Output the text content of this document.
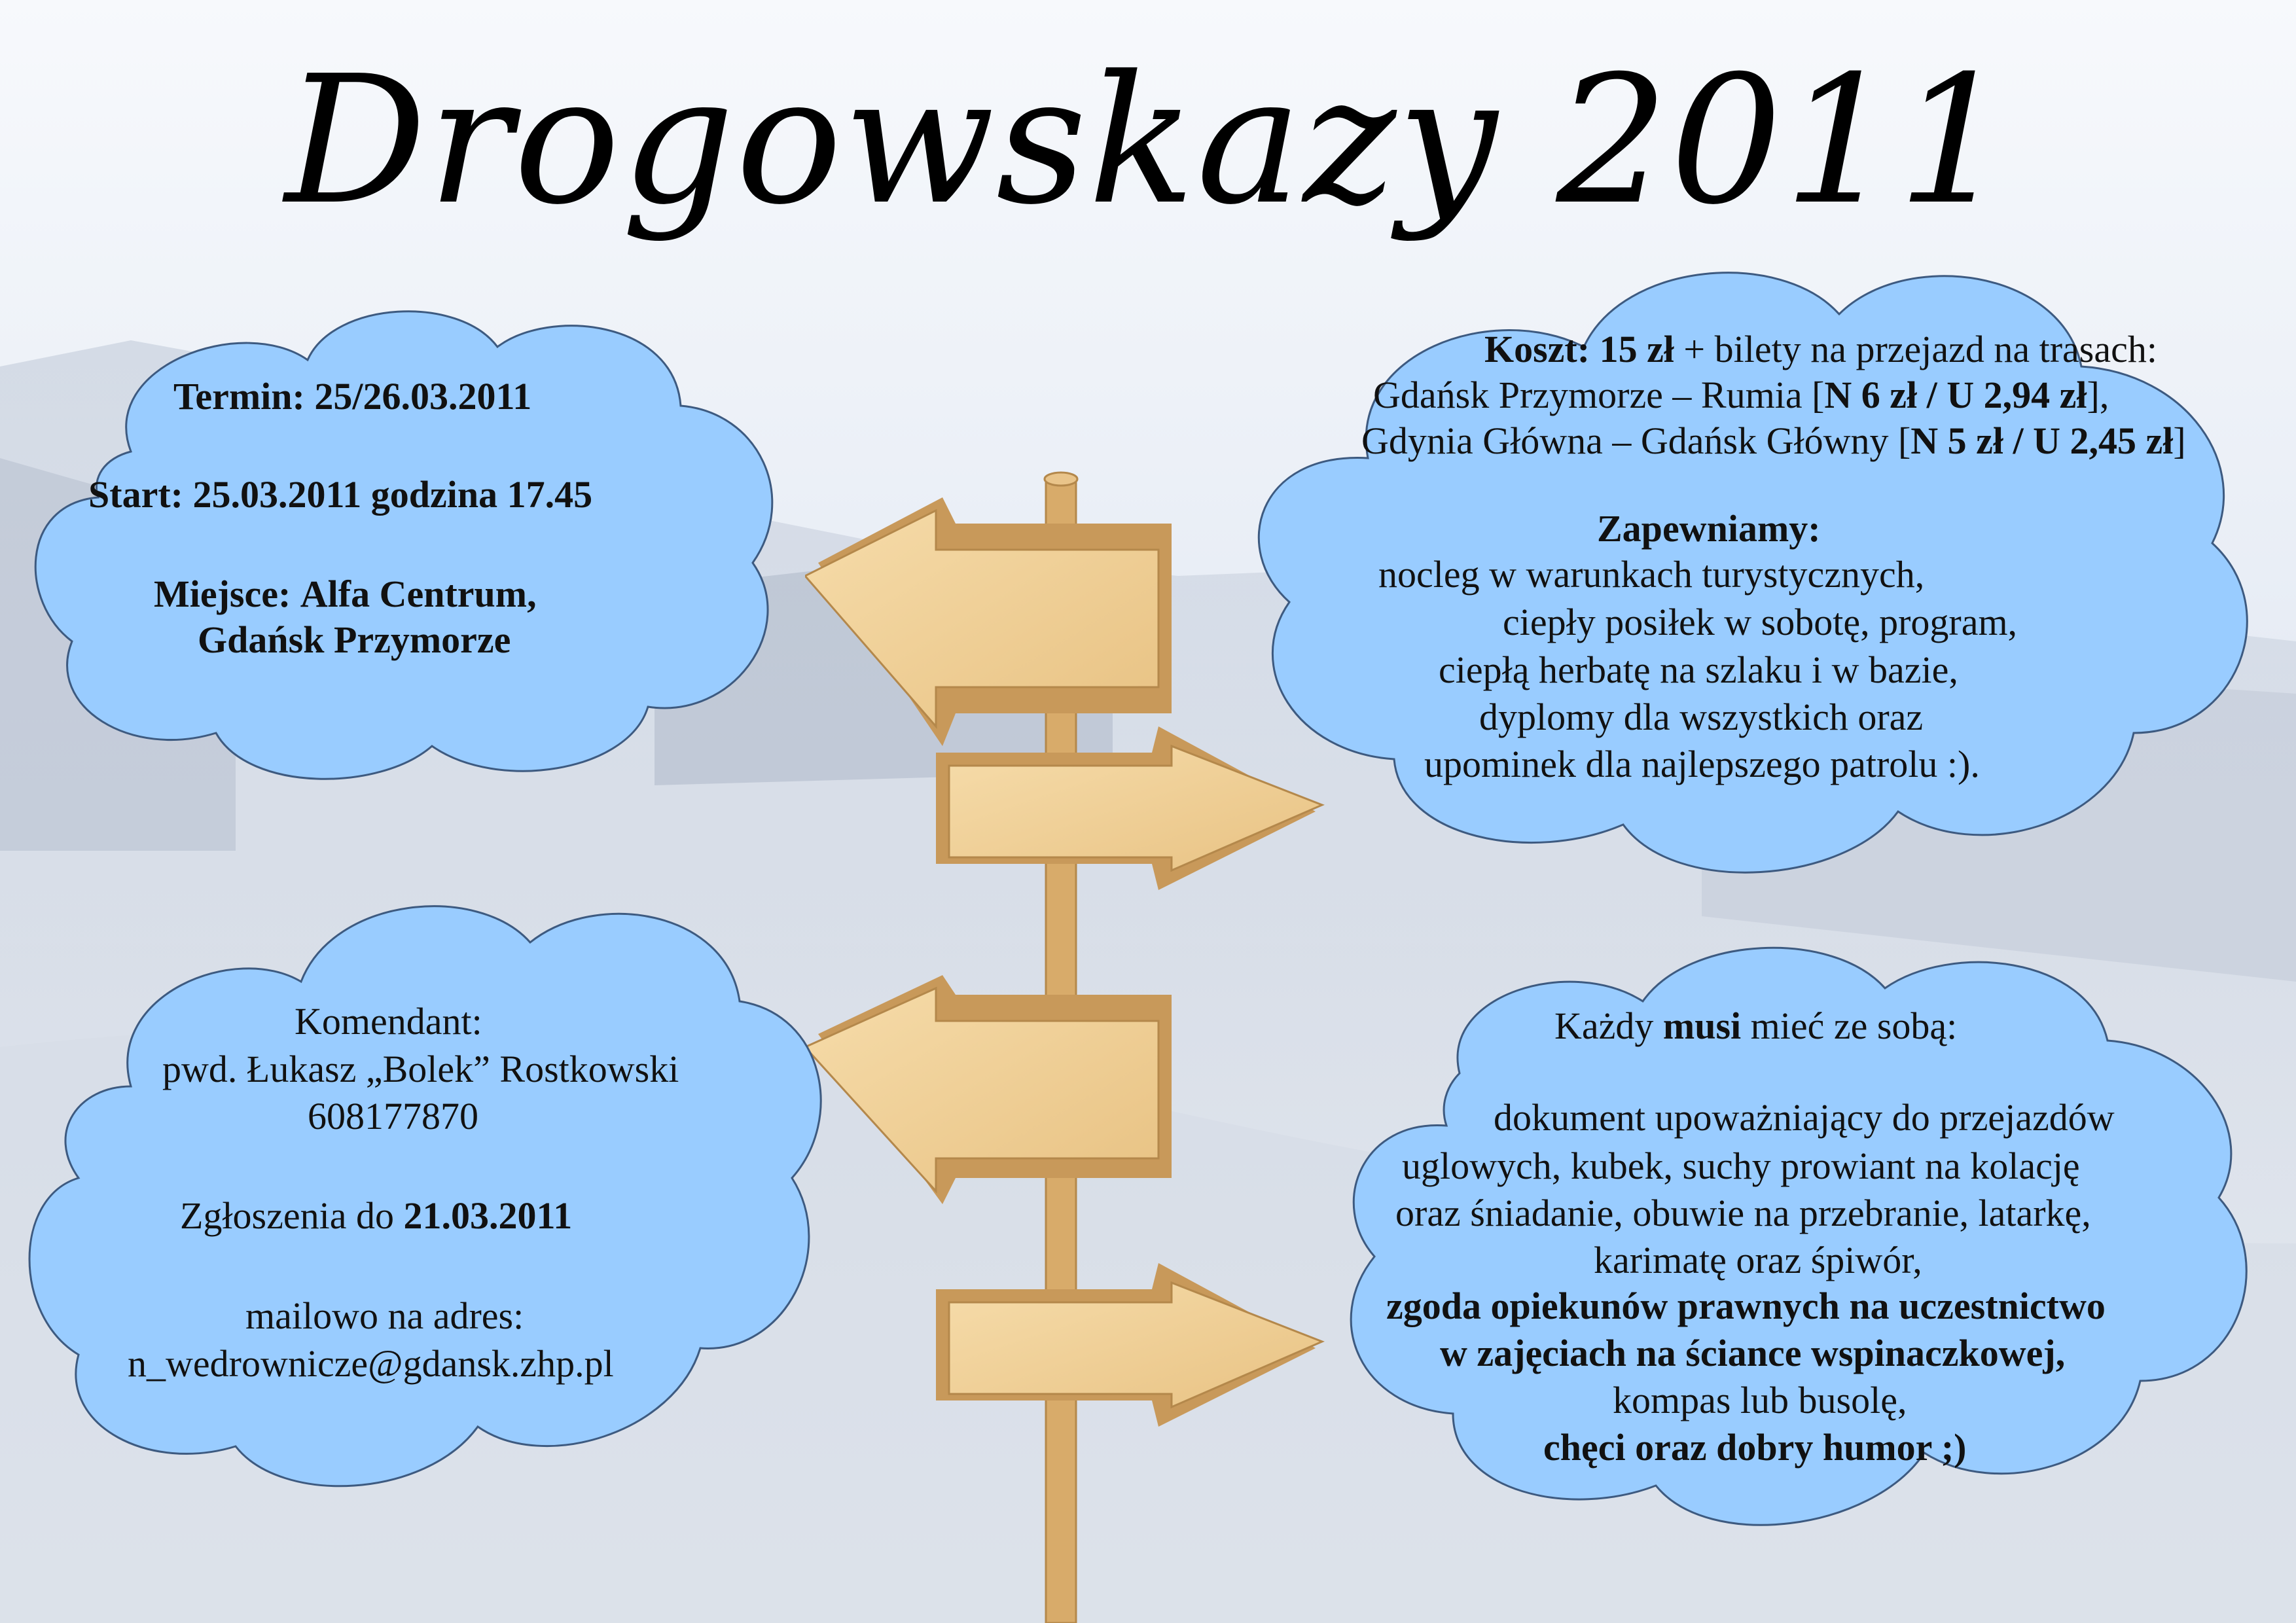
Drogowskazy 2011
Termin: 25/26.03.2011
Start: 25.03.2011 godzina 17.45
Miejsce: Alfa Centrum,
Gdańsk Przymorze
Koszt: 15 zł + bilety na przejazd na trasach:
Gdańsk Przymorze – Rumia [N 6 zł / U 2,94 zł],
Gdynia Główna – Gdańsk Główny [N 5 zł / U 2,45 zł]
Zapewniamy:
nocleg w warunkach turystycznych,
ciepły posiłek w sobotę, program,
ciepłą herbatę na szlaku i w bazie,
dyplomy dla wszystkich oraz
upominek dla najlepszego patrolu :).
Komendant:
pwd. Łukasz „Bolek” Rostkowski
608177870
Zgłoszenia do 21.03.2011
mailowo na adres:
n_wedrownicze@gdansk.zhp.pl
Każdy musi mieć ze sobą:
dokument upoważniający do przejazdów
uglowych, kubek, suchy prowiant na kolację
oraz śniadanie, obuwie na przebranie, latarkę,
karimatę oraz śpiwór,
zgoda opiekunów prawnych na uczestnictwo
w zajęciach na ściance wspinaczkowej,
kompas lub busolę,
chęci oraz dobry humor ;)
